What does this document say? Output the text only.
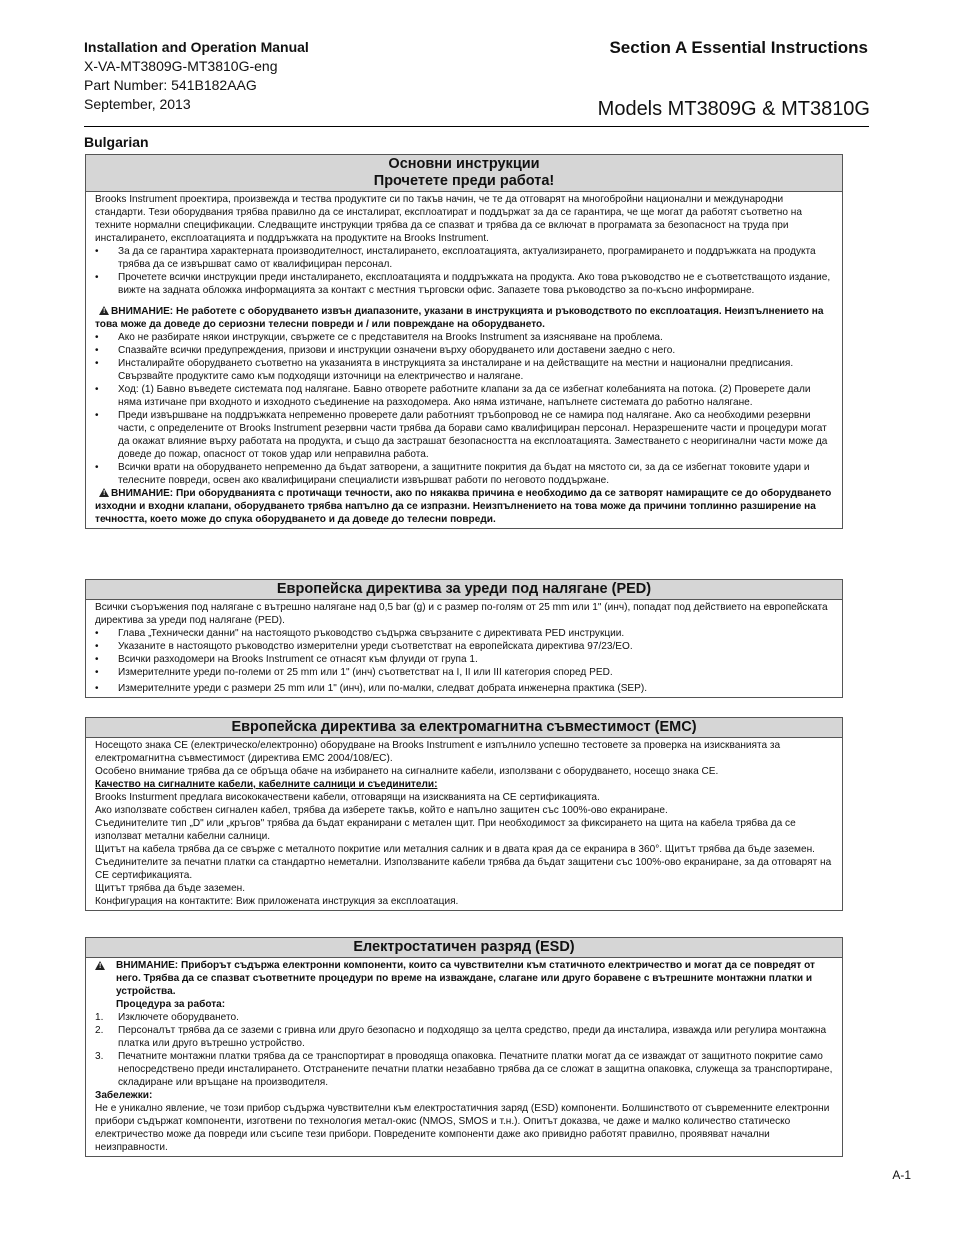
Installation and Operation Manual
X-VA-MT3809G-MT3810G-eng
Part Number: 541B182AAG
September, 2013
Section A Essential Instructions
Models MT3809G & MT3810G
Bulgarian
Основни инструкции
Прочетете преди работа!

Brooks Instrument проектира, произвежда и тества продуктите си по такъв начин, че те да отговарят на многобройни национални и международни стандарти. Тези оборудвания трябва правилно да се инсталират, експлоатират и поддържат за да се гарантира, че ще могат да работят съответно на техните нормални спецификации. Следващите инструкции трябва да се спазват и трябва да се включат в програмата за безопасност на труда при инсталирането, експлоатацията и поддръжката на продуктите на Brooks Instrument.

• За да се гарантира характерната производителност, инсталирането, експлоатацията, актуализирането, програмирането и поддръжката на продукта трябва да се извършват само от квалифициран персонал.
• Прочетете всички инструкции преди инсталирането, експлоатацията и поддръжката на продукта. Ако това ръководство не е съответстващото издание, вижте на задната обложка информацията за контакт с местния търговски офис. Запазете това ръководство за по-късно информиране.

! ВНИМАНИЕ: Не работете с оборудването извън диапазоните, указани в инструкцията и ръководството по експлоатация. Неизпълнението на това може да доведе до сериозни телесни повреди и / или повреждане на оборудването.

• Ако не разбирате някои инструкции, свържете се с представителя на Brooks Instrument за изясняване на проблема.
• Спазвайте всички предупреждения, призови и инструкции означени върху оборудването или доставени заедно с него.
• Инсталирайте оборудването съответно на указанията в инструкцията за инсталиране и на действащите на местни и национални предписания. Свързвайте продуктите само към подходящи източници на електричество и налягане.
• Ход: (1) Бавно въведете системата под налягане. Бавно отворете работните клапани за да се избегнат колебанията на потока. (2) Проверете дали няма изтичане при входното и изходното съединение на разходомера. Ако няма изтичане, напълнете системата до работно налягане.
• Преди извършване на поддръжката непременно проверете дали работният тръбопровод не се намира под налягане. Ако са необходими резервни части, с определените от Brooks Instrument резервни части трябва да борави само квалифициран персонал. Неразрешените части и процедури могат да окажат влияние върху работата на продукта, и също да застрашат безопасността на експлоатацията. Заместването с неоригинални части може да доведе до пожар, опасност от токов удар или неправилна работа.
• Всички врати на оборудването непременно да бъдат затворени, а защитните покрития да бъдат на мястото си, за да се избегнат токовите удари и телесните повреди, освен ако квалифицирани специалисти извършват работи по неговото поддържане.

! ВНИМАНИЕ: При оборудванията с протичащи течности, ако по някаква причина е необходимо да се затворят намиращите се до оборудването изходни и входни клапани, оборудването трябва напълно да се изпразни. Неизпълнението на това може да причини топлинно разширение на течността, което може до спука оборудването и да доведе до телесни повреди.

Европейска директива за уреди под налягане (PED)

Всички съоръжения под налягане с вътрешно налягане над 0,5 bar (g) и с размер по-голям от 25 mm или 1" (инч), попадат под действието на европейската директива за уреди под налягане (PED).

• Глава „Технически данни" на настоящото ръководство съдържа свързаните с директивата PED инструкции.
• Указаните в настоящото ръководство измерителни уреди съответстват на европейската директива 97/23/ЕО.
• Всички разходомери на Brooks Instrument се отнасят към флуиди от група 1.
• Измерителните уреди по-големи от 25 mm или 1" (инч) съответстват на I, II или III категория според PED.
• Измерителните уреди с размери 25 mm или 1" (инч), или по-малки, следват добрата инженерна практика (SEP).
Европейска директива за електромагнитна съвместимост (EMC)

Носещото знака CE (електрическо/електронно) оборудване на Brooks Instrument е изпълнило успешно тестовете за проверка на изискванията за електромагнитна съвместимост (директива EMC 2004/108/EC).

Особено внимание трябва да се обръща обаче на избирането на сигналните кабели, използвани с оборудването, носещо знака CE.

Качество на сигналните кабели, кабелните салници и съединители:

Brooks Insturment предлага висококачествени кабели, отговарящи на изискванията на CE сертификацията.

Ако използвате собствен сигнален кабел, трябва да изберете такъв, който е напълно защитен със 100%-ово екраниране.

Съединителите тип „D" или „кръгов" трябва да бъдат екранирани с метален щит. При необходимост за фиксирането на щита на кабела трябва да се използват метални кабелни салници.

Щитът на кабела трябва да се свърже с металното покритие или металния салник и в двата края да се екранира в 360°. Щитът трябва да бъде заземен.

Съединителите за печатни платки са стандартно неметални. Използваните кабели трябва да бъдат защитени със 100%-ово екраниране, за да отговарят на CE сертификацията.

Щитът трябва да бъде заземен.

Конфигурация на контактите: Виж приложената инструкция за експлоатация.

Електростатичен разряд (ESD)
! ВНИМАНИЕ: Приборът съдържа електронни компоненти, които са чувствителни към статичното електричество и могат да се повредят от него. Трябва да се спазват съответните процедури по време на изваждане, слагане или друго боравене с вътрешните монтажни платки и устройства.
Процедура за работа:
1. Изключете оборудването.
2. Персоналът трябва да се заземи с гривна или друго безопасно и подходящо за целта средство, преди да инсталира, изважда или регулира монтажна платка или друго вътрешно устройство.
3. Печатните монтажни платки трябва да се транспортират в проводяща опаковка. Печатните платки могат да се изваждат от защитното покритие само непосредствено преди инсталирането. Отстранените печатни платки незабавно трябва да се сложат в защитна опаковка, служеща за транспортиране, складиране или връщане на производителя.

Забележки:

Не е уникално явление, че този прибор съдържа чувствителни към електростатичния заряд (ESD) компоненти. Болшинството от съвременните електронни прибори съдържат компоненти, изготвени по технология метал-окис (NMOS, SMOS и т.н.). Опитът доказва, че даже и малко количество статическо електричество може да повреди или съсипе тези прибори. Повредените компоненти даже ако привидно работят правилно, проявяват начални неизправности.

A-1
